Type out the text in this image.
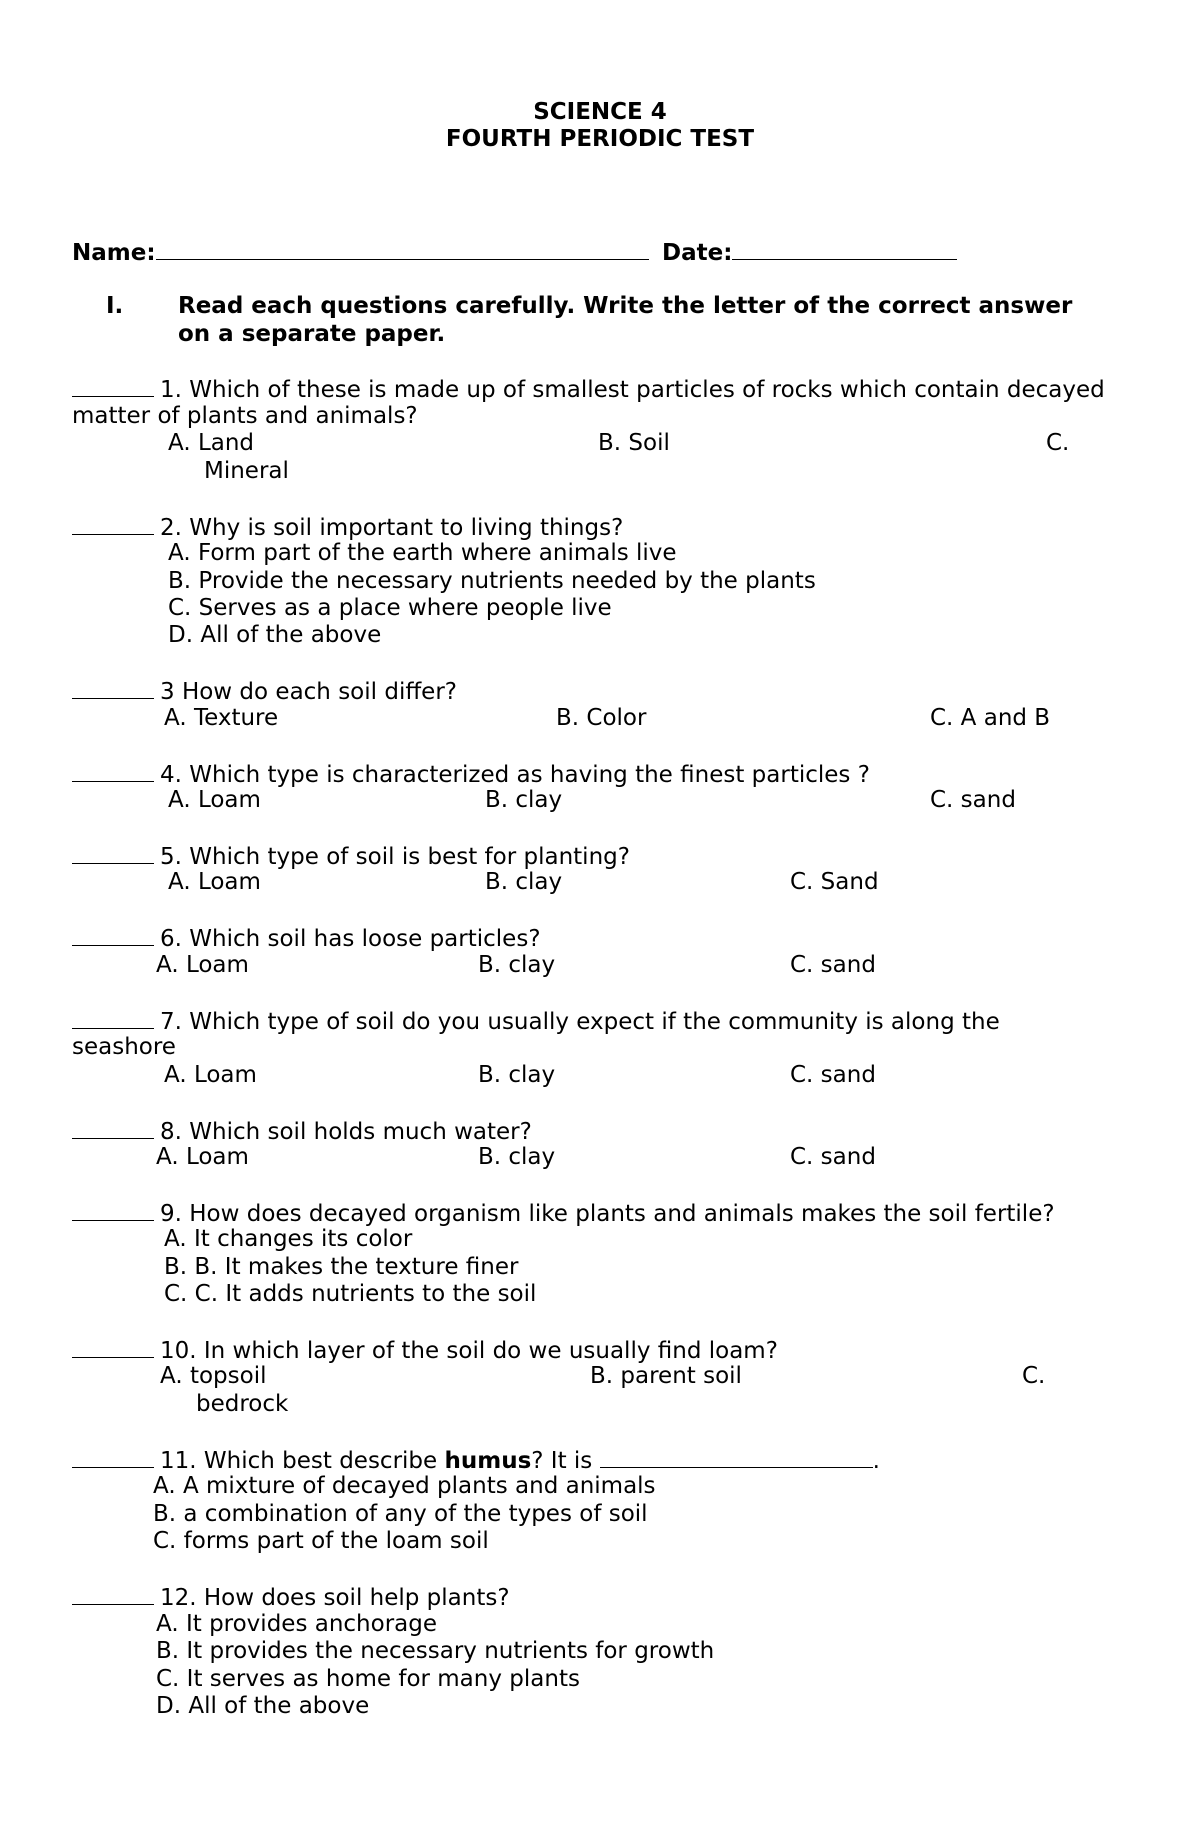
SCIENCE 4
FOURTH PERIODIC TEST
Name:	Date:
I. Read each questions carefully. Write the letter of the correct answer
on a separate paper.
1. Which of these is made up of smallest particles of rocks which contain decayed
matter of plants and animals?
A. Land	B. Soil	C.
Mineral
2. Why is soil important to living things?
A. Form part of the earth where animals live
B. Provide the necessary nutrients needed by the plants
C. Serves as a place where people live
D. All of the above
3 How do each soil differ?
A. Texture	B. Color	C. A and B
4. Which type is characterized as having the finest particles ?
A. Loam	B. clay	C. sand
5. Which type of soil is best for planting?
A. Loam	B. clay	C. Sand
6. Which soil has loose particles?
A. Loam	B. clay	C. sand
7. Which type of soil do you usually expect if the community is along the
seashore
A. Loam	B. clay	C. sand
8. Which soil holds much water?
A. Loam	B. clay	C. sand
9. How does decayed organism like plants and animals makes the soil fertile?
A. It changes its color
B. B. It makes the texture finer
C. C. It adds nutrients to the soil
10. In which layer of the soil do we usually find loam?
A. topsoil	B. parent soil	C.
bedrock
11. Which best describe humus? It is	.
A. A mixture of decayed plants and animals
B. a combination of any of the types of soil
C. forms part of the loam soil
12. How does soil help plants?
A. It provides anchorage
B. It provides the necessary nutrients for growth
C. It serves as home for many plants
D. All of the above
